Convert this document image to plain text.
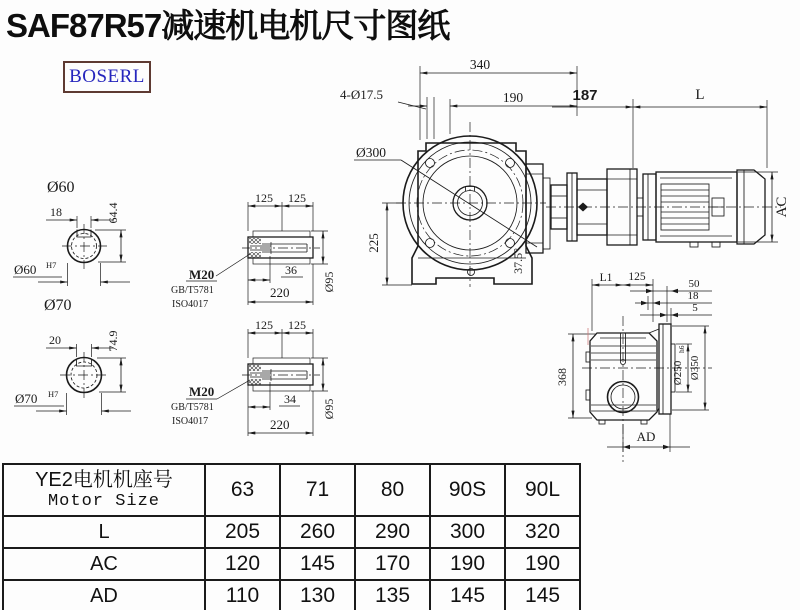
SAF87R57减速机电机尺寸图纸
BOSERL
Ø60
18	64.4
Ø60 H7
Ø70
20	74.9
Ø70 H7
125 125
M20
GB/T5781
ISO4017
36
220
Ø95
125 125
M20
GB/T5781
ISO4017
34
220
Ø95
Ø300
37.5°
340
190
4-Ø17.5
225
187	L
AC
L1 125
50
18
5
368	Ø250
h6
Ø350
AD
YE2电机机座号
Motor Size	63	71	80	90S	90L
L	205	260	290	300	320
AC	120	145	170	190	190
AD	110	130	135	145	145
